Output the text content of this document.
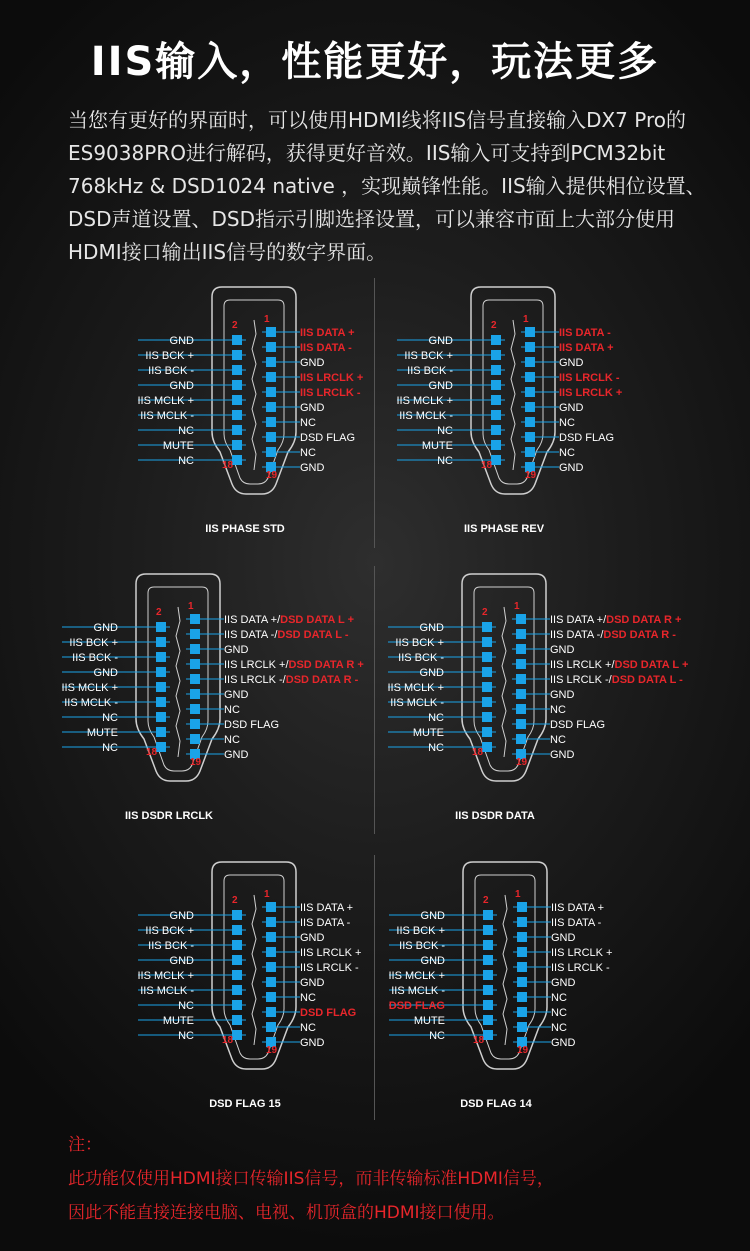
IIS输入，性能更好，玩法更多

当您有更好的界面时，可以使用HDMI线将IIS信号直接输入DX7 Pro的

ES9038PRO进行解码，获得更好音效。IIS输入可支持到PCM32bit

768kHz & DSD1024 native ，实现巅锋性能。IIS输入提供相位设置、

DSD声道设置、DSD指示引脚选择设置，可以兼容市面上大部分使用

HDMI接口输出IIS信号的数字界面。

GND
IIS BCK +
IIS BCK -
GND
IIS MCLK +
IIS MCLK -
NC
MUTE
NC
IIS DATA +
IIS DATA -
GND
IIS LRCLK +
IIS LRCLK -
GND
NC
DSD FLAG
NC
GND
2
1
18
19
IIS PHASE STD
GND
IIS BCK +
IIS BCK -
GND
IIS MCLK +
IIS MCLK -
NC
MUTE
NC
IIS DATA -
IIS DATA +
GND
IIS LRCLK -
IIS LRCLK +
GND
NC
DSD FLAG
NC
GND
2
1
18
19
IIS PHASE REV
GND
IIS BCK +
IIS BCK -
GND
IIS MCLK +
IIS MCLK -
NC
MUTE
NC
IIS DATA +/DSD DATA L +
IIS DATA -/DSD DATA L -
GND
IIS LRCLK +/DSD DATA R +
IIS LRCLK -/DSD DATA R -
GND
NC
DSD FLAG
NC
GND
2
1
18
19
IIS DSDR LRCLK
GND
IIS BCK +
IIS BCK -
GND
IIS MCLK +
IIS MCLK -
NC
MUTE
NC
IIS DATA +/DSD DATA R +
IIS DATA -/DSD DATA R -
GND
IIS LRCLK +/DSD DATA L +
IIS LRCLK -/DSD DATA L -
GND
NC
DSD FLAG
NC
GND
2
1
18
19
IIS DSDR DATA
GND
IIS BCK +
IIS BCK -
GND
IIS MCLK +
IIS MCLK -
NC
MUTE
NC
IIS DATA +
IIS DATA -
GND
IIS LRCLK +
IIS LRCLK -
GND
NC
DSD FLAG
NC
GND
2
1
18
19
DSD FLAG 15
GND
IIS BCK +
IIS BCK -
GND
IIS MCLK +
IIS MCLK -
DSD FLAG
MUTE
NC
IIS DATA +
IIS DATA -
GND
IIS LRCLK +
IIS LRCLK -
GND
NC
NC
NC
GND
2
1
18
19
DSD FLAG 14

注：

此功能仅使用HDMI接口传输IIS信号，而非传输标准HDMI信号，

因此不能直接连接电脑、电视、机顶盒的HDMI接口使用。
